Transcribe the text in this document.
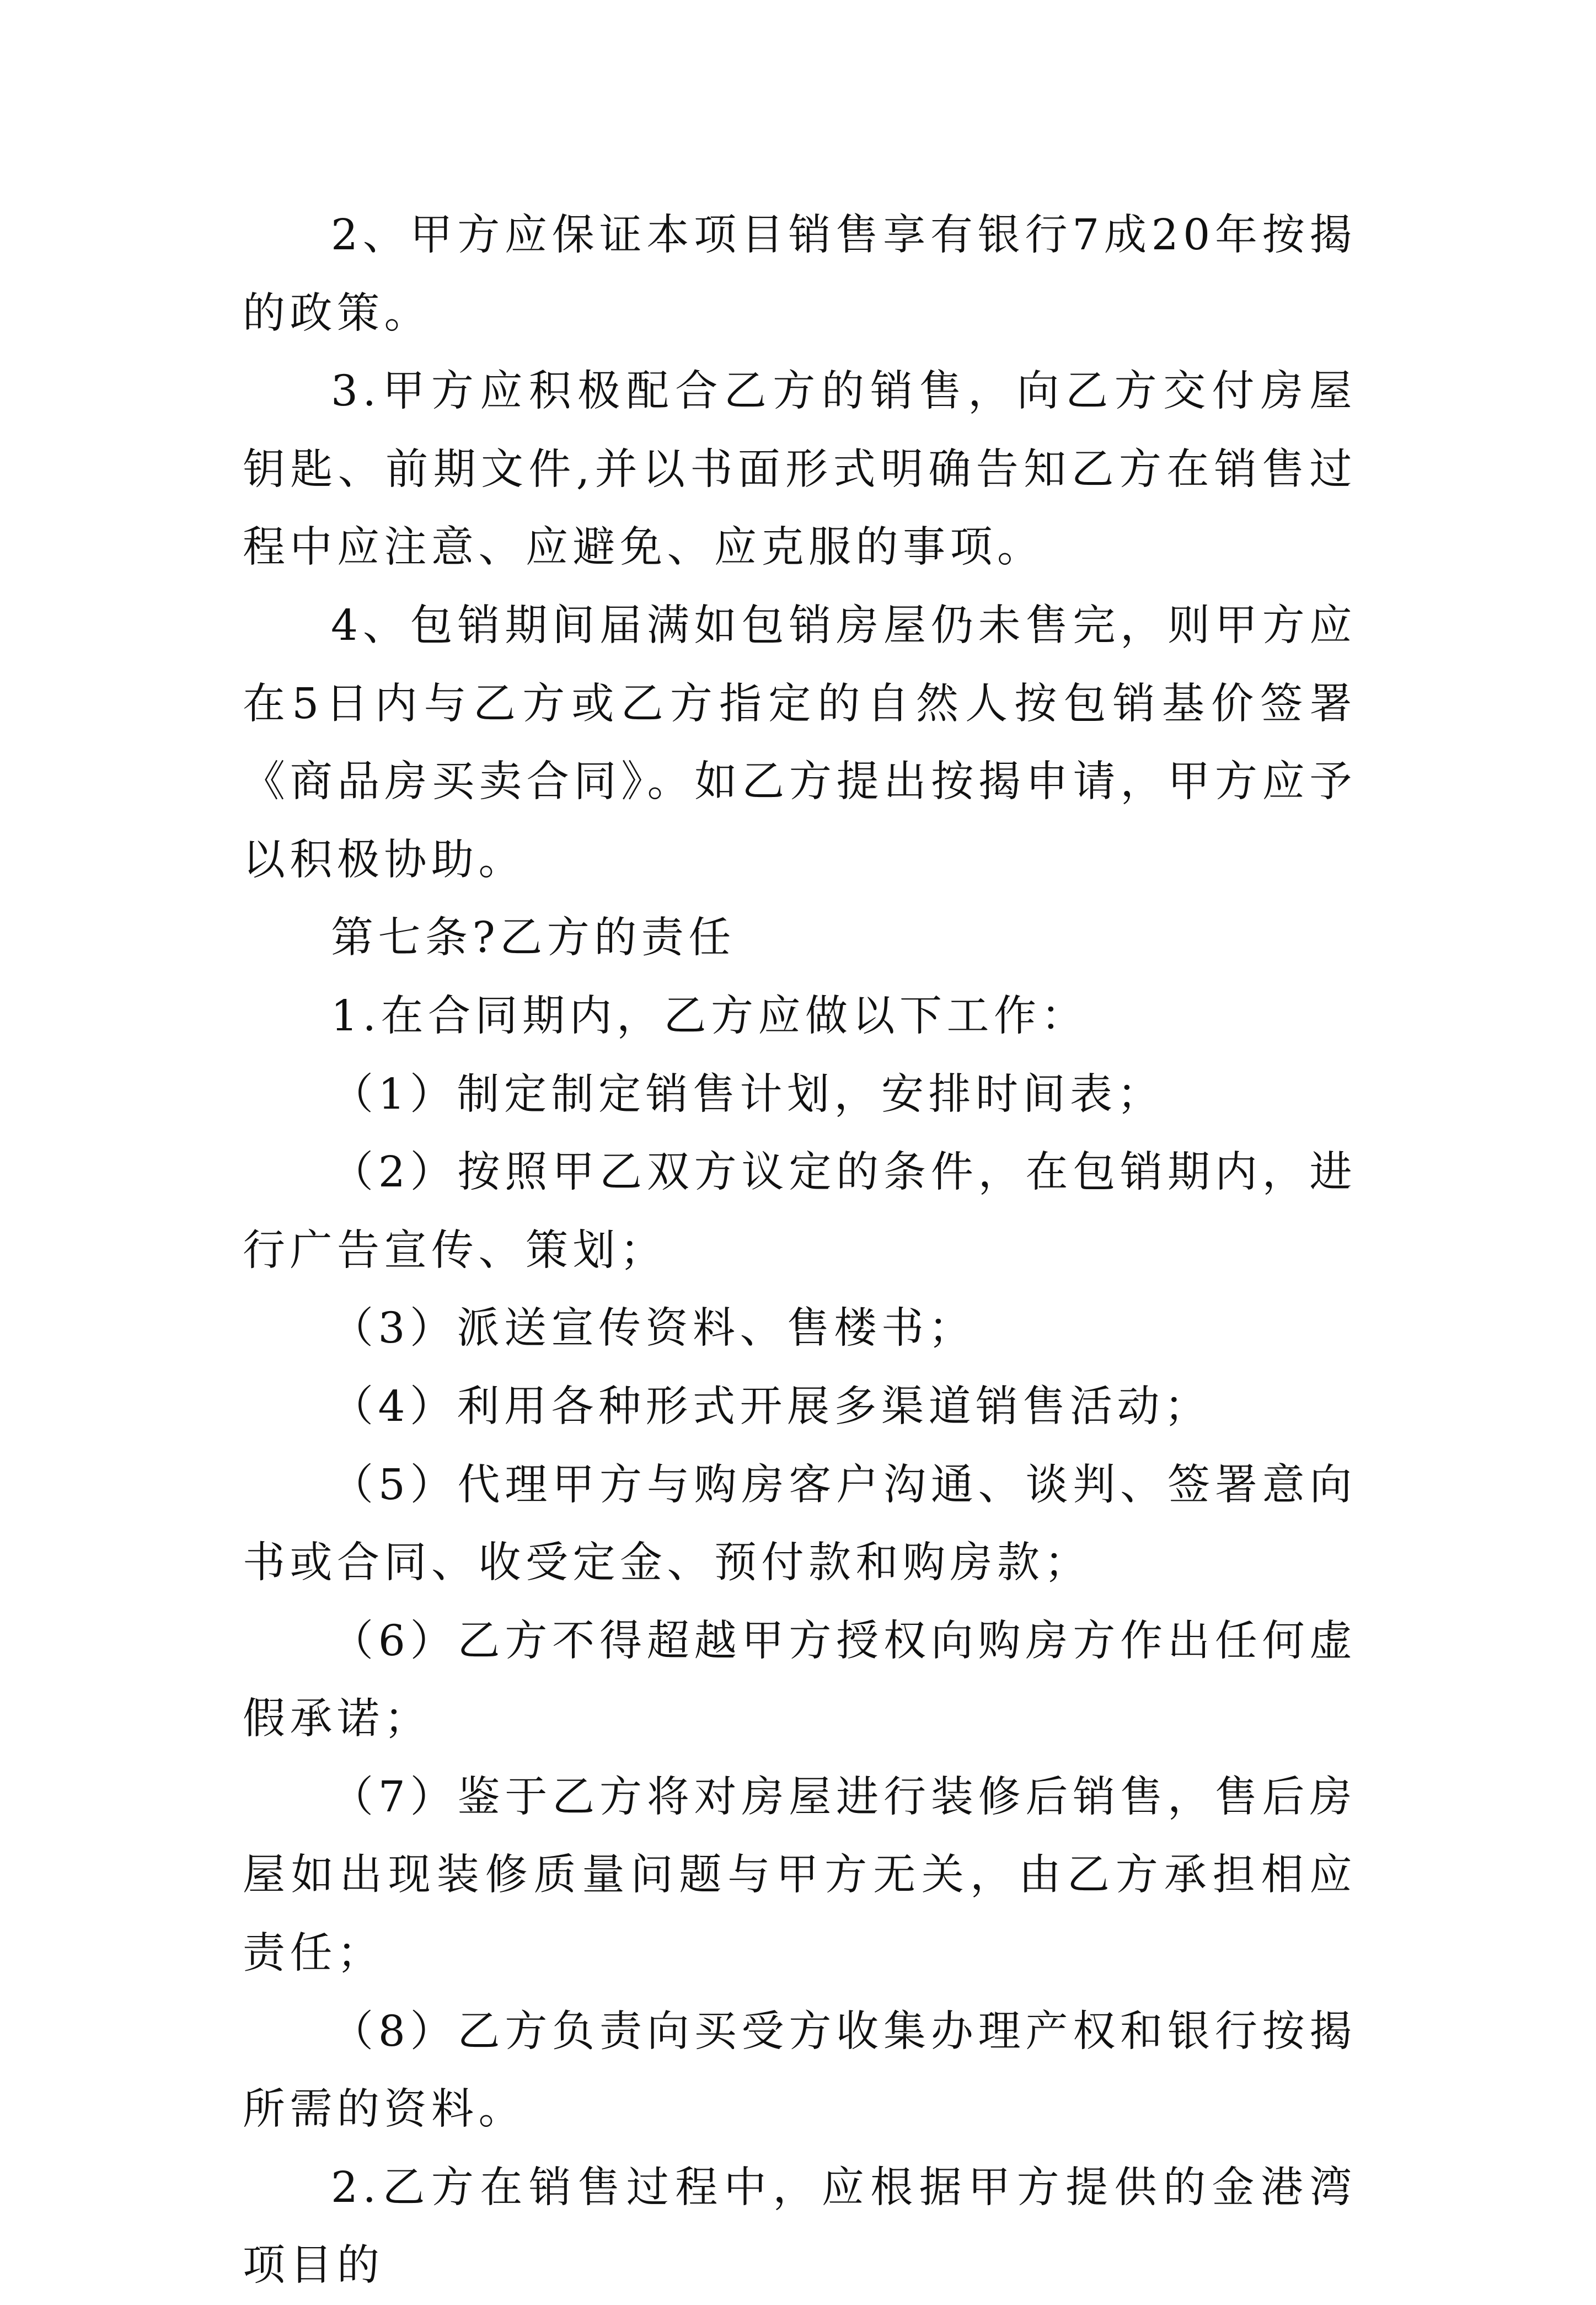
2、甲方应保证本项目销售享有银行7成20年按揭的政策。

3.甲方应积极配合乙方的销售，向乙方交付房屋钥匙、前期文件,并以书面形式明确告知乙方在销售过程中应注意、应避免、应克服的事项。

4、包销期间届满如包销房屋仍未售完，则甲方应在5日内与乙方或乙方指定的自然人按包销基价签署《商品房买卖合同》。如乙方提出按揭申请，甲方应予以积极协助。

第七条?乙方的责任

1.在合同期内，乙方应做以下工作：

（1）制定制定销售计划，安排时间表；

（2）按照甲乙双方议定的条件，在包销期内，进行广告宣传、策划；

（3）派送宣传资料、售楼书；

（4）利用各种形式开展多渠道销售活动；

（5）代理甲方与购房客户沟通、谈判、签署意向书或合同、收受定金、预付款和购房款；

（6）乙方不得超越甲方授权向购房方作出任何虚假承诺；

（7）鉴于乙方将对房屋进行装修后销售，售后房屋如出现装修质量问题与甲方无关，由乙方承担相应责任；

（8）乙方负责向买受方收集办理产权和银行按揭所需的资料。

2.乙方在销售过程中，应根据甲方提供的金港湾项目的
